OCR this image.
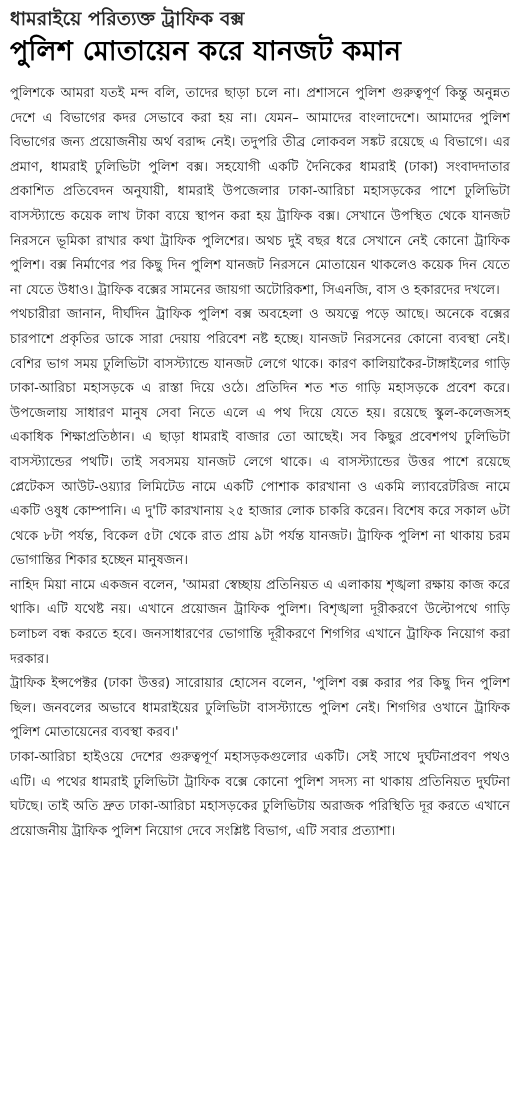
ধামরাইয়ে পরিত্যক্ত ট্রাফিক বক্স
পুলিশ মোতায়েন করে যানজট কমান

পুলিশকে আমরা যতই মন্দ বলি, তাদের ছাড়া চলে না। প্রশাসনে পুলিশ গুরুত্বপূর্ণ কিন্তু অনুন্নত দেশে এ বিভাগের কদর সেভাবে করা হয় না। যেমন– আমাদের বাংলাদেশে। আমাদের পুলিশ বিভাগের জন্য প্রয়োজনীয় অর্থ বরাদ্দ নেই। তদুপরি তীব্র লোকবল সঙ্কট রয়েছে এ বিভাগে। এর প্রমাণ, ধামরাই ঢুলিভিটা পুলিশ বক্স। সহযোগী একটি দৈনিকের ধামরাই (ঢাকা) সংবাদদাতার প্রকাশিত প্রতিবেদন অনুযায়ী, ধামরাই উপজেলার ঢাকা-আরিচা মহাসড়কের পাশে ঢুলিভিটা বাসস্ট্যান্ডে কয়েক লাখ টাকা ব্যয়ে স্থাপন করা হয় ট্রাফিক বক্স। সেখানে উপস্থিত থেকে যানজট নিরসনে ভূমিকা রাখার কথা ট্রাফিক পুলিশের। অথচ দুই বছর ধরে সেখানে নেই কোনো ট্রাফিক পুলিশ। বক্স নির্মাণের পর কিছু দিন পুলিশ যানজট নিরসনে মোতায়েন থাকলেও কয়েক দিন যেতে না যেতে উধাও। ট্রাফিক বক্সের সামনের জায়গা অটোরিকশা, সিএনজি, বাস ও হকারদের দখলে।

পথচারীরা জানান, দীর্ঘদিন ট্রাফিক পুলিশ বক্স অবহেলা ও অযত্নে পড়ে আছে। অনেকে বক্সের চারপাশে প্রকৃতির ডাকে সারা দেয়ায় পরিবেশ নষ্ট হচ্ছে। যানজট নিরসনের কোনো ব্যবস্থা নেই। বেশির ভাগ সময় ঢুলিভিটা বাসস্ট্যান্ডে যানজট লেগে থাকে। কারণ কালিয়াকৈর-টাঙ্গাইলের গাড়ি ঢাকা-আরিচা মহাসড়কে এ রাস্তা দিয়ে ওঠে। প্রতিদিন শত শত গাড়ি মহাসড়কে প্রবেশ করে। উপজেলায় সাধারণ মানুষ সেবা নিতে এলে এ পথ দিয়ে যেতে হয়। রয়েছে স্কুল-কলেজসহ একাধিক শিক্ষাপ্রতিষ্ঠান। এ ছাড়া ধামরাই বাজার তো আছেই। সব কিছুর প্রবেশপথ ঢুলিভিটা বাসস্ট্যান্ডের পথটি। তাই সবসময় যানজট লেগে থাকে। এ বাসস্ট্যান্ডের উত্তর পাশে রয়েছে প্লেটেকস আউট-ওয়্যার লিমিটেড নামে একটি পোশাক কারখানা ও একমি ল্যাবরেটরিজ নামে একটি ওষুধ কোম্পানি। এ দু'টি কারখানায় ২৫ হাজার লোক চাকরি করেন। বিশেষ করে সকাল ৬টা থেকে ৮টা পর্যন্ত, বিকেল ৫টা থেকে রাত প্রায় ৯টা পর্যন্ত যানজট। ট্রাফিক পুলিশ না থাকায় চরম ভোগান্তির শিকার হচ্ছেন মানুষজন।

নাহিদ মিয়া নামে একজন বলেন, 'আমরা স্বেচ্ছায় প্রতিনিয়ত এ এলাকায় শৃঙ্খলা রক্ষায় কাজ করে থাকি। এটি যথেষ্ট নয়। এখানে প্রয়োজন ট্রাফিক পুলিশ। বিশৃঙ্খলা দূরীকরণে উল্টোপথে গাড়ি চলাচল বন্ধ করতে হবে। জনসাধারণের ভোগান্তি দূরীকরণে শিগগির এখানে ট্রাফিক নিয়োগ করা দরকার।

ট্রাফিক ইন্সপেক্টর (ঢাকা উত্তর) সারোয়ার হোসেন বলেন, 'পুলিশ বক্স করার পর কিছু দিন পুলিশ ছিল। জনবলের অভাবে ধামরাইয়ের ঢুলিভিটা বাসস্ট্যান্ডে পুলিশ নেই। শিগগির ওখানে ট্রাফিক পুলিশ মোতায়েনের ব্যবস্থা করব।'

ঢাকা-আরিচা হাইওয়ে দেশের গুরুত্বপূর্ণ মহাসড়কগুলোর একটি। সেই সাথে দুর্ঘটনাপ্রবণ পথও এটি। এ পথের ধামরাই ঢুলিভিটা ট্রাফিক বক্সে কোনো পুলিশ সদস্য না থাকায় প্রতিনিয়ত দুর্ঘটনা ঘটছে। তাই অতি দ্রুত ঢাকা-আরিচা মহাসড়কের ঢুলিভিটায় অরাজক পরিস্থিতি দূর করতে এখানে প্রয়োজনীয় ট্রাফিক পুলিশ নিয়োগ দেবে সংশ্লিষ্ট বিভাগ, এটি সবার প্রত্যাশা।
